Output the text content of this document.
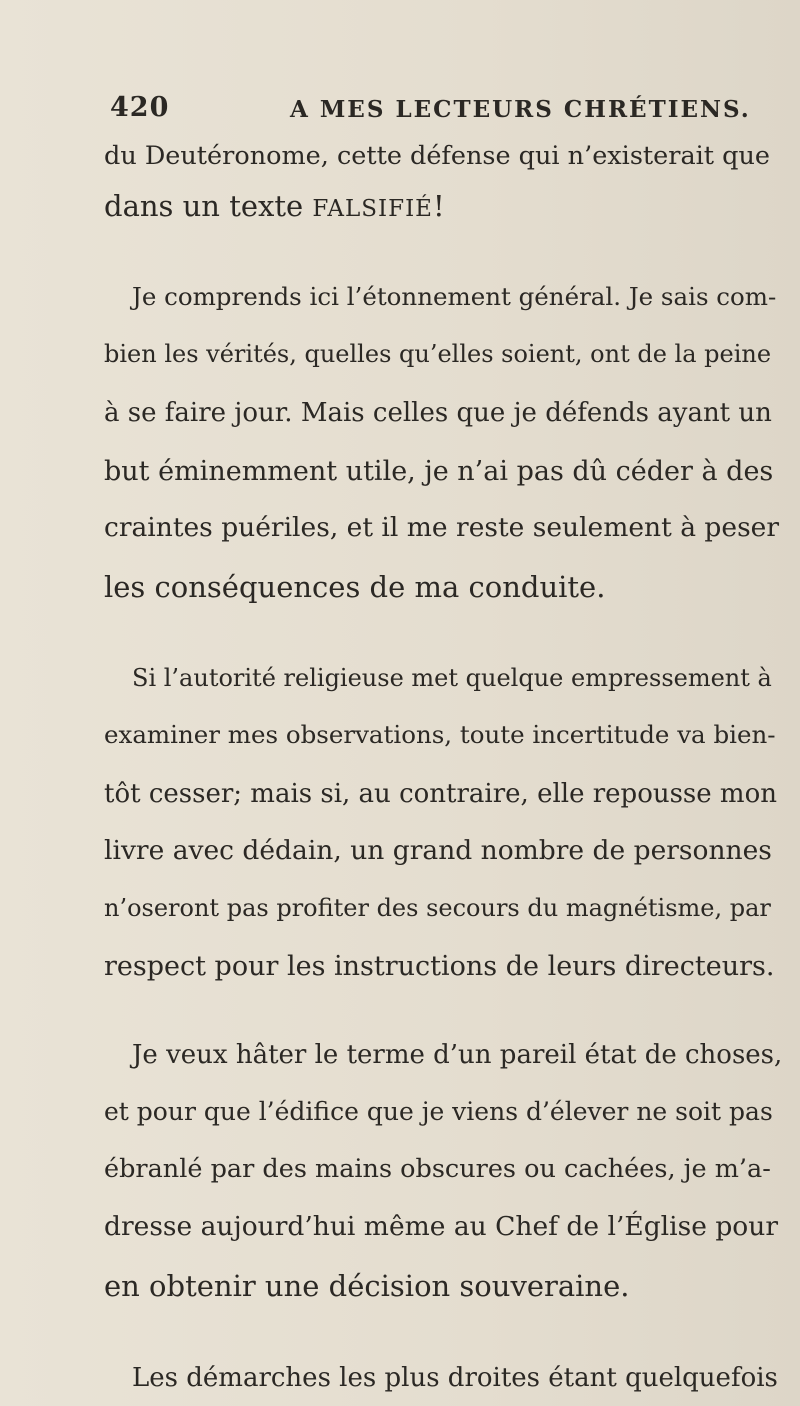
420	A MES LECTEURS CHRÉTIENS.
du Deutéronome, cette défense qui n’existerait que
dans un texte FALSIFIÉ!
Je comprends ici l’étonnement général. Je sais com-
bien les vérités, quelles qu’elles soient, ont de la peine
à se faire jour. Mais celles que je défends ayant un
but éminemment utile, je n’ai pas dû céder à des
craintes puériles, et il me reste seulement à peser
les conséquences de ma conduite.
Si l’autorité religieuse met quelque empressement à
examiner mes observations, toute incertitude va bien-
tôt cesser; mais si, au contraire, elle repousse mon
livre avec dédain, un grand nombre de personnes
n’oseront pas profiter des secours du magnétisme, par
respect pour les instructions de leurs directeurs.
Je veux hâter le terme d’un pareil état de choses,
et pour que l’édifice que je viens d’élever ne soit pas
ébranlé par des mains obscures ou cachées, je m’a-
dresse aujourd’hui même au Chef de l’Église pour
en obtenir une décision souveraine.
Les démarches les plus droites étant quelquefois
